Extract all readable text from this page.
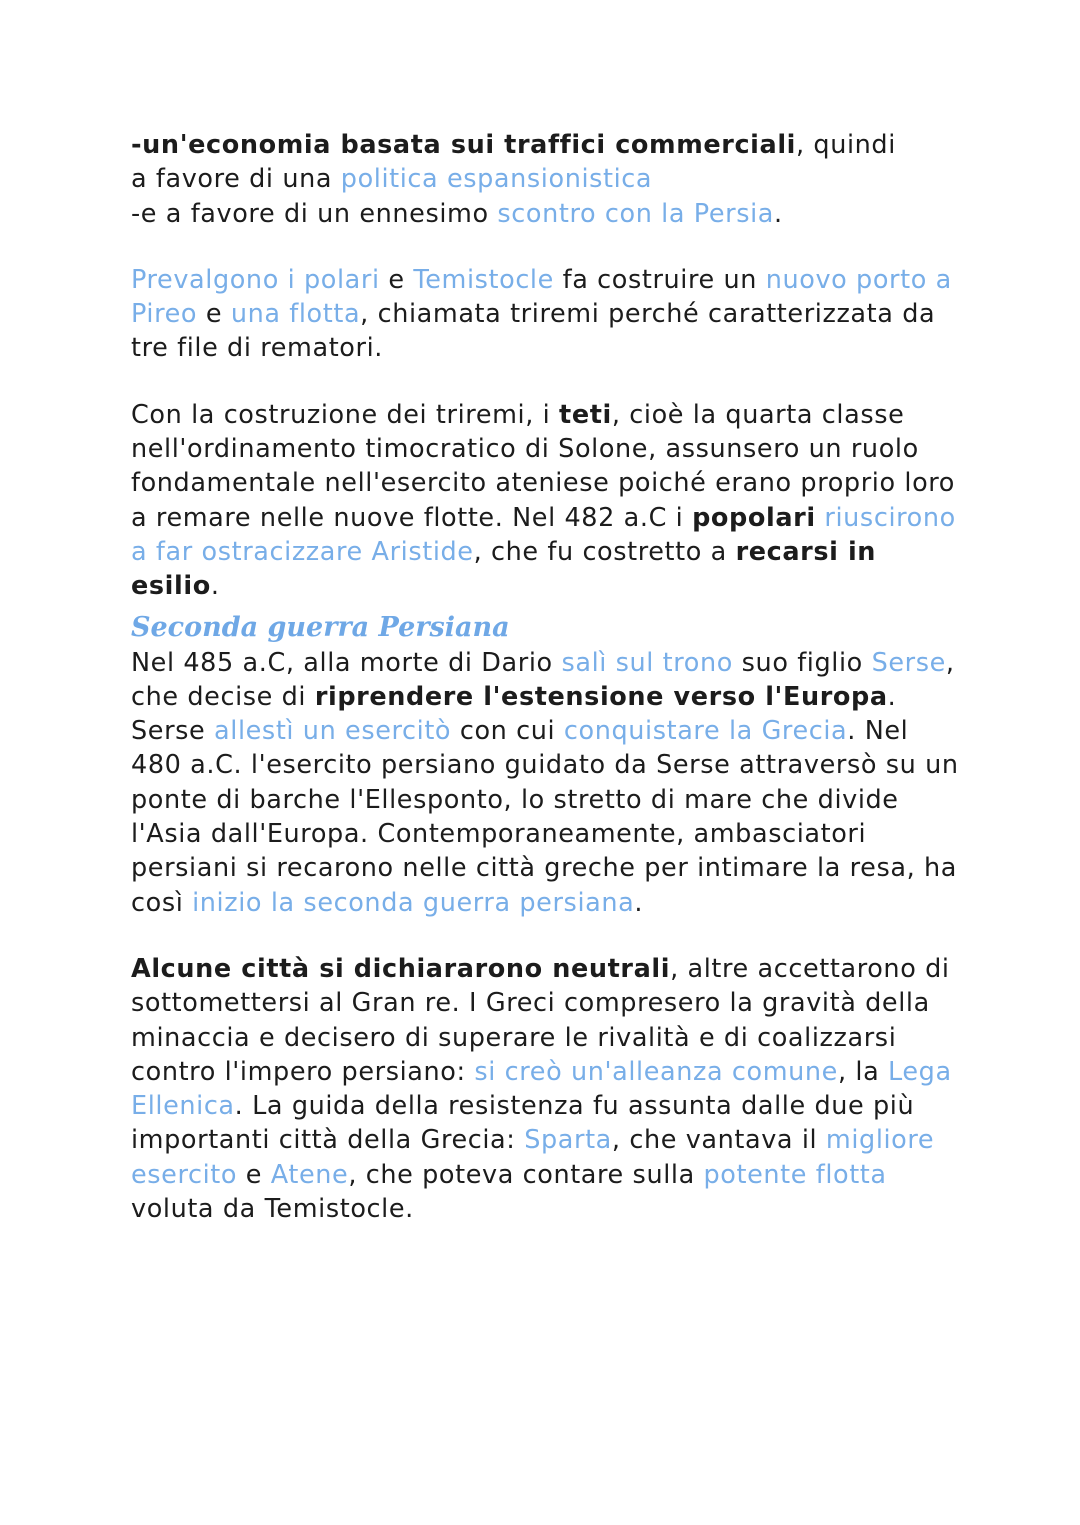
-un'economia basata sui traffici commerciali, quindi
a favore di una politica espansionistica
-e a favore di un ennesimo scontro con la Persia.

Prevalgono i polari e Temistocle fa costruire un nuovo porto a Pireo e una flotta, chiamata triremi perché caratterizzata da tre file di rematori.

Con la costruzione dei triremi, i teti, cioè la quarta classe nell'ordinamento timocratico di Solone, assunsero un ruolo fondamentale nell'esercito ateniese poiché erano proprio loro a remare nelle nuove flotte. Nel 482 a.C i popolari riuscirono a far ostracizzare Aristide, che fu costretto a recarsi in esilio.

Seconda guerra Persiana

Nel 485 a.C, alla morte di Dario salì sul trono suo figlio Serse, che decise di riprendere l'estensione verso l'Europa. Serse allestì un esercitò con cui conquistare la Grecia. Nel 480 a.C. l'esercito persiano guidato da Serse attraversò su un ponte di barche l'Ellesponto, lo stretto di mare che divide l'Asia dall'Europa. Contemporaneamente, ambasciatori persiani si recarono nelle città greche per intimare la resa, ha così inizio la seconda guerra persiana.

Alcune città si dichiararono neutrali, altre accettarono di sottomettersi al Gran re. I Greci compresero la gravità della minaccia e decisero di superare le rivalità e di coalizzarsi contro l'impero persiano: si creò un'alleanza comune, la Lega Ellenica. La guida della resistenza fu assunta dalle due più importanti città della Grecia: Sparta, che vantava il migliore esercito e Atene, che poteva contare sulla potente flotta voluta da Temistocle.
